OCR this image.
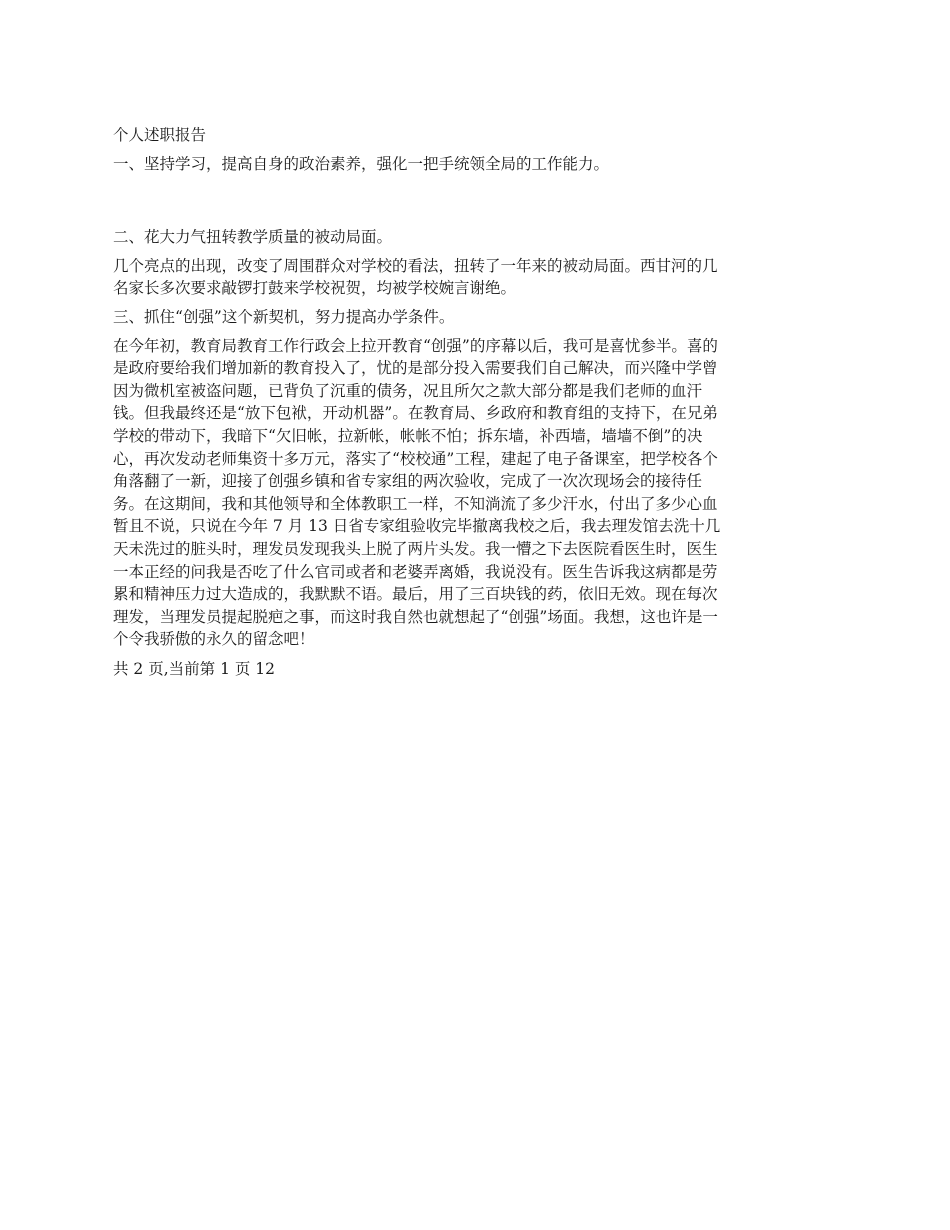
个人述职报告

一、坚持学习，提高自身的政治素养，强化一把手统领全局的工作能力。

二、花大力气扭转教学质量的被动局面。

几个亮点的出现，改变了周围群众对学校的看法，扭转了一年来的被动局面。西甘河的几
名家长多次要求敲锣打鼓来学校祝贺，均被学校婉言谢绝。

三、抓住“创强”这个新契机，努力提高办学条件。

在今年初，教育局教育工作行政会上拉开教育“创强”的序幕以后，我可是喜忧参半。喜的
是政府要给我们增加新的教育投入了，忧的是部分投入需要我们自己解决，而兴隆中学曾
因为微机室被盗问题，已背负了沉重的债务，况且所欠之款大部分都是我们老师的血汗
钱。但我最终还是“放下包袱，开动机器”。在教育局、乡政府和教育组的支持下，在兄弟
学校的带动下，我暗下“欠旧帐，拉新帐，帐帐不怕；拆东墙，补西墙，墙墙不倒”的决
心，再次发动老师集资十多万元，落实了“校校通”工程，建起了电子备课室，把学校各个
角落翻了一新，迎接了创强乡镇和省专家组的两次验收，完成了一次次现场会的接待任
务。在这期间，我和其他领导和全体教职工一样，不知淌流了多少汗水，付出了多少心血
暂且不说，只说在今年 7 月 13 日省专家组验收完毕撤离我校之后，我去理发馆去洗十几
天未洗过的脏头时，理发员发现我头上脱了两片头发。我一懵之下去医院看医生时，医生
一本正经的问我是否吃了什么官司或者和老婆弄离婚，我说没有。医生告诉我这病都是劳
累和精神压力过大造成的，我默默不语。最后，用了三百块钱的药，依旧无效。现在每次
理发，当理发员提起脱疤之事，而这时我自然也就想起了“创强”场面。我想，这也许是一
个令我骄傲的永久的留念吧！

共 2 页,当前第 1 页 12
